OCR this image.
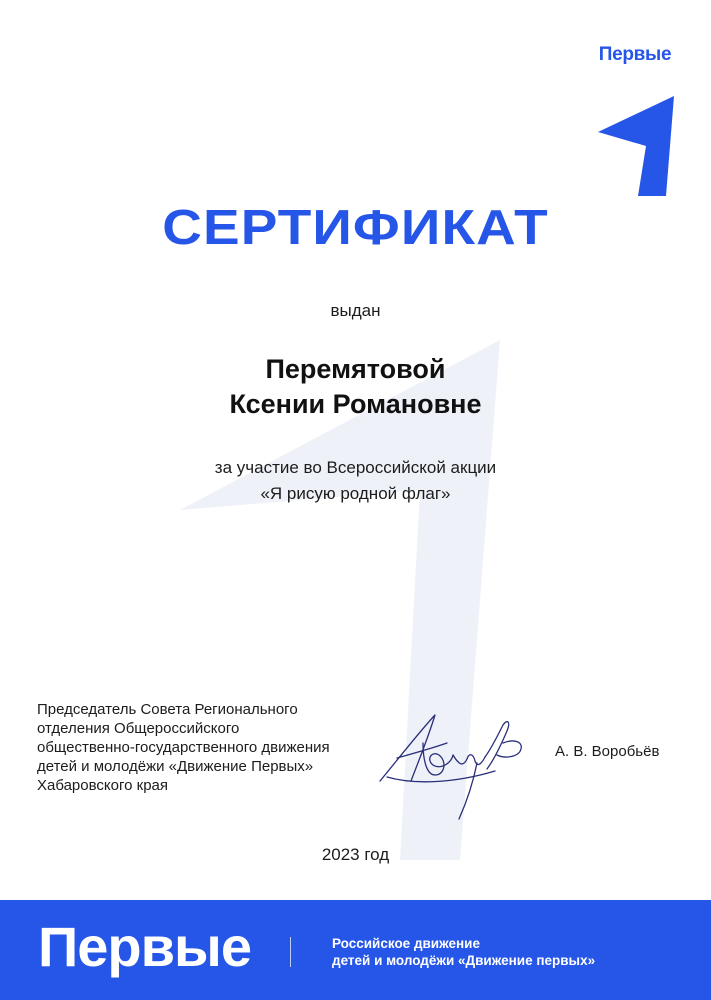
Первые
СЕРТИФИКАТ
выдан
Перемятовой
Ксении Романовне
за участие во Всероссийской акции
«Я рисую родной флаг»
Председатель Совета Регионального
отделения Общероссийского
общественно-государственного движения
детей и молодёжи «Движение Первых»
Хабаровского края
А. В. Воробьёв
2023 год
Первые	Российское движение
детей и молодёжи «Движение первых»
